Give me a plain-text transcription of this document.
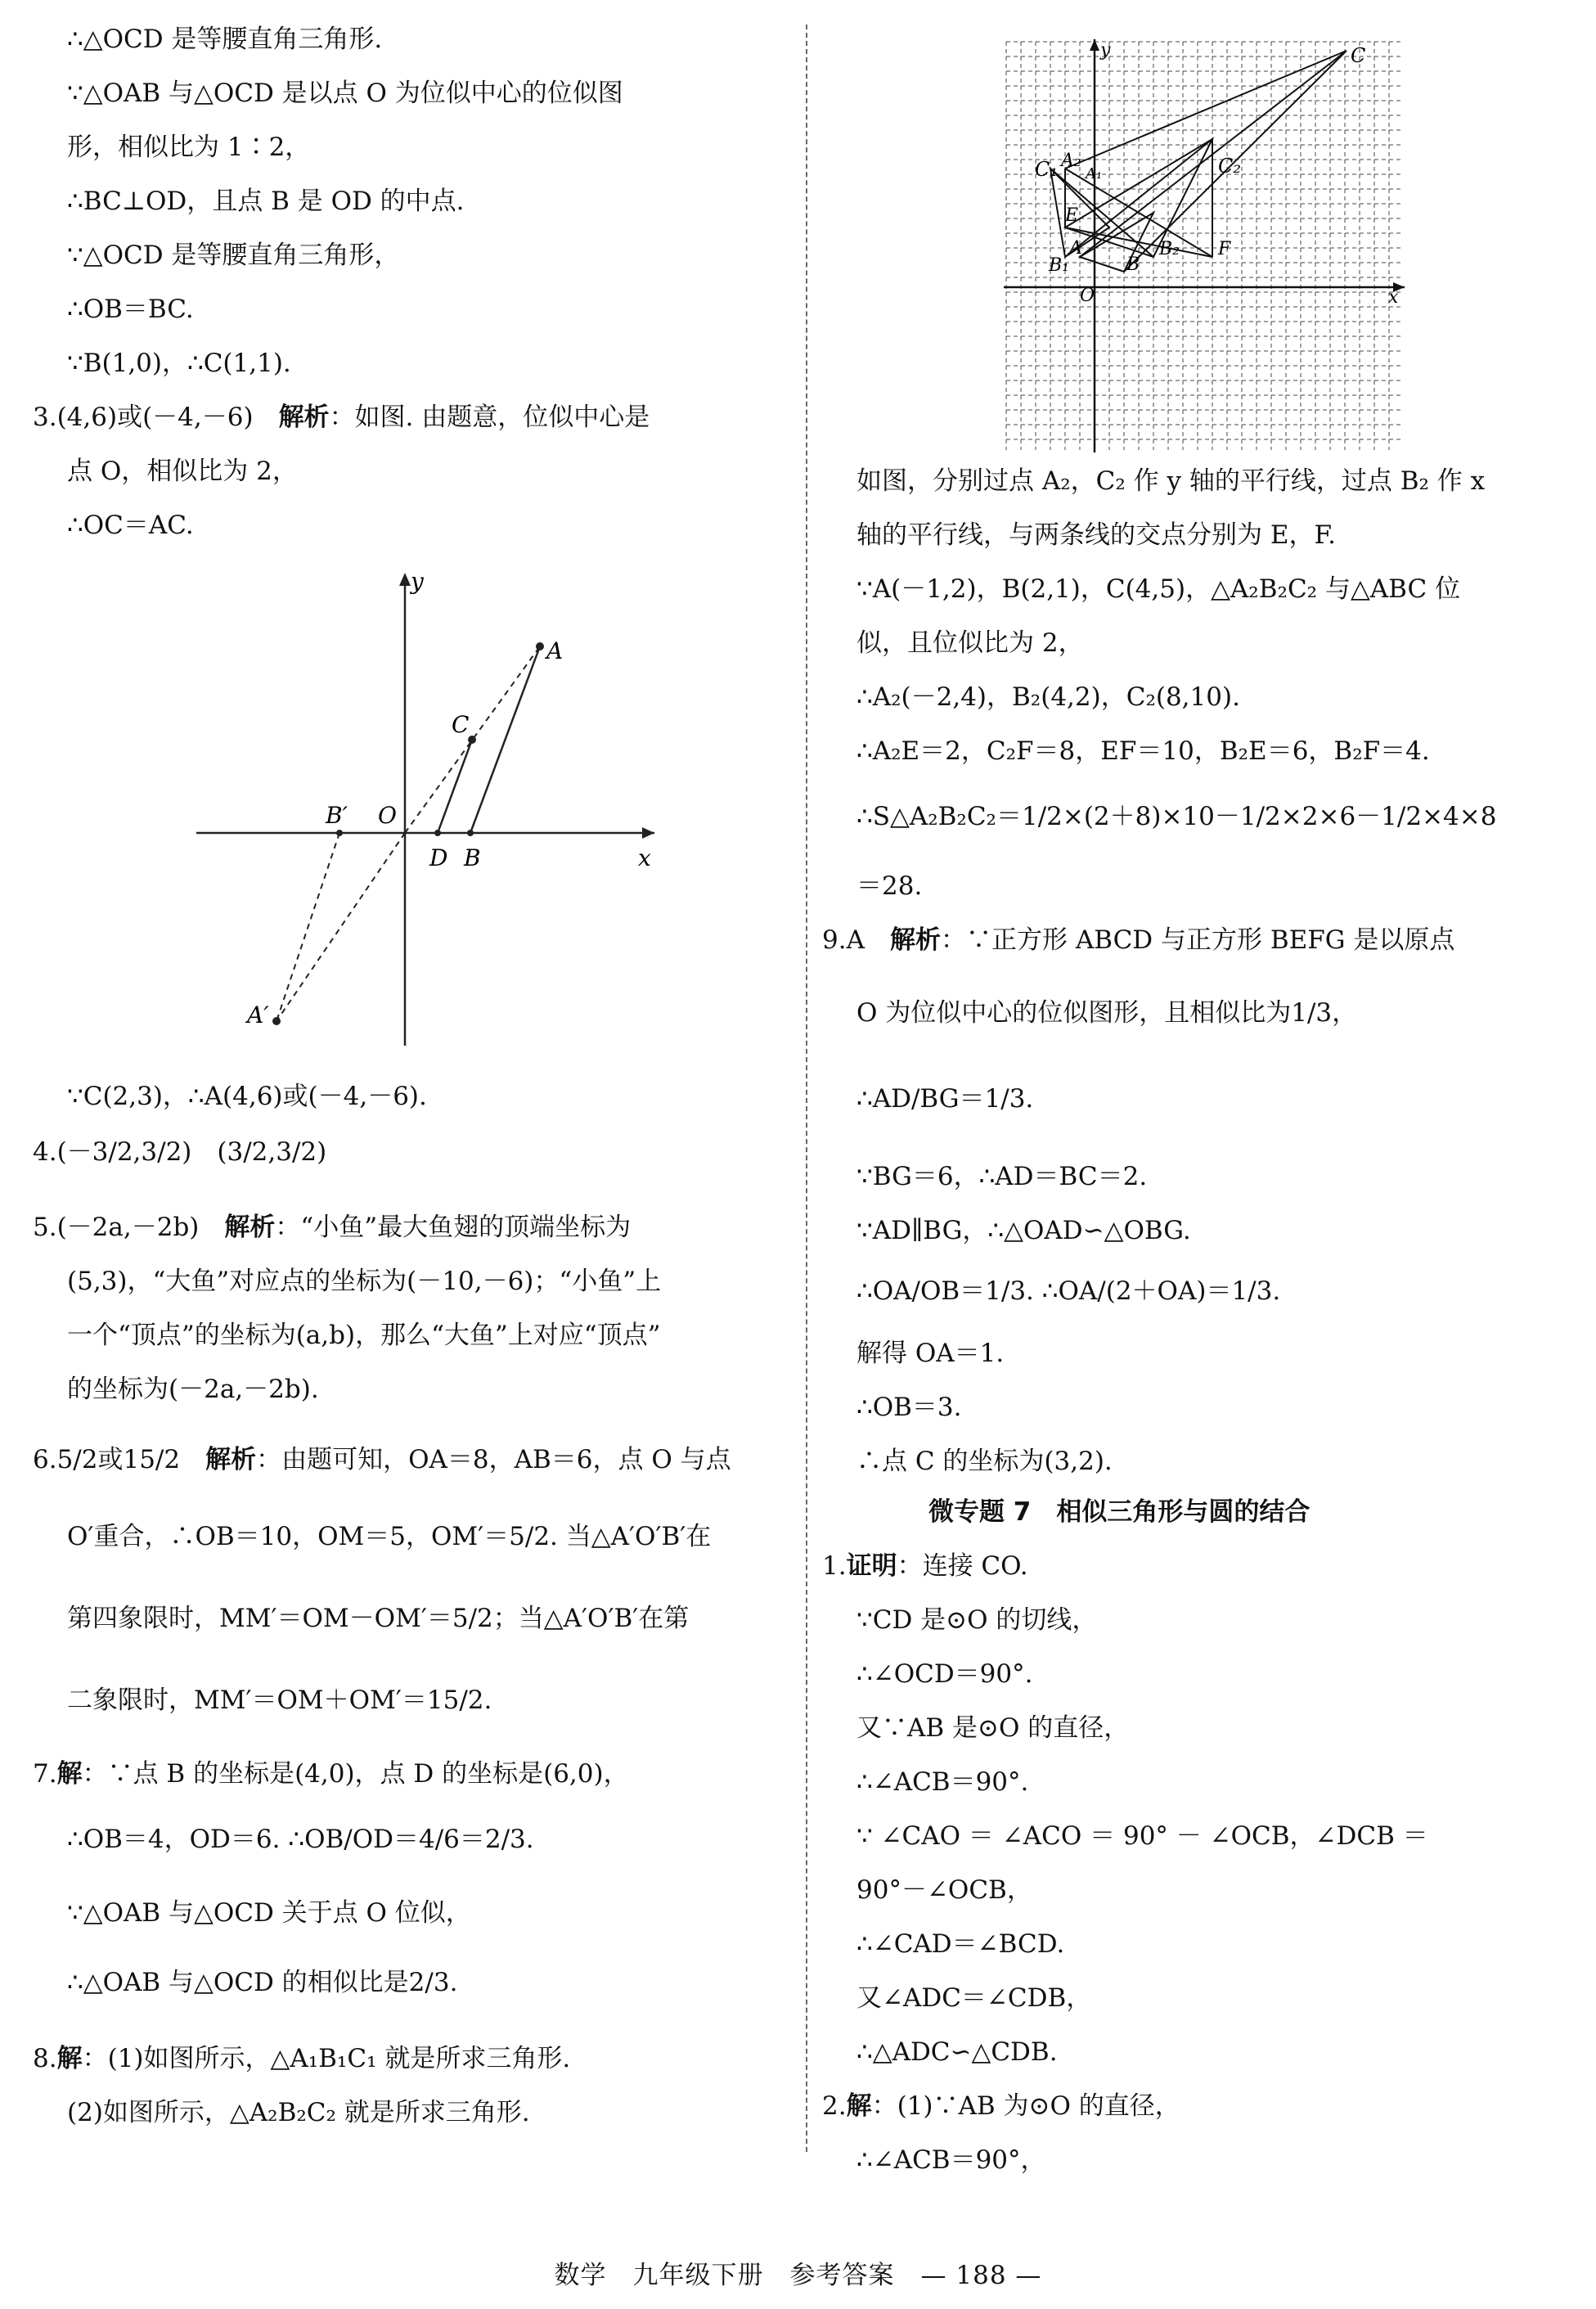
∴△OCD 是等腰直角三角形.
∵△OAB 与△OCD 是以点 O 为位似中心的位似图
形，相似比为 1∶2，
∴BC⊥OD，且点 B 是 OD 的中点.
∵△OCD 是等腰直角三角形，
∴OB＝BC.
∵B(1,0)，∴C(1,1).
3.(4,6)或(－4,－6)　 解析：如图. 由题意，位似中心是
点 O，相似比为 2，
∴OC＝AC.
A
C
B′ O
D B	x
y
A′
∵C(2,3)，∴A(4,6)或(－4,－6).
4.(－3/2,3/2)　(3/2,3/2)
5.(－2a,－2b)　 解析：“小鱼”最大鱼翅的顶端坐标为
(5,3)，“大鱼”对应点的坐标为(－10,－6)；“小鱼”上
一个“顶点”的坐标为(a,b)，那么“大鱼”上对应“顶点”
的坐标为(－2a,－2b).
6.5/2或15/2　 解析：由题可知，OA＝8，AB＝6，点 O 与点
O′重合，∴OB＝10，OM＝5，OM′＝5/2. 当△A′O′B′在
第四象限时，MM′＝OM－OM′＝5/2；当△A′O′B′在第
二象限时，MM′＝OM＋OM′＝15/2.
7.解：∵点 B 的坐标是(4,0)，点 D 的坐标是(6,0)，
∴OB＝4，OD＝6. ∴OB/OD＝4/6＝2/3.
∵△OAB 与△OCD 关于点 O 位似，
∴△OAB 与△OCD 的相似比是2/3.
8.解：(1)如图所示，△A₁B₁C₁ 就是所求三角形.
(2)如图所示，△A₂B₂C₂ 就是所求三角形.
C
C₁ A₂	C₂
E
A
B₁
B₂ F
B
O	x
y
A₁
如图，分别过点 A₂，C₂ 作 y 轴的平行线，过点 B₂ 作 x
轴的平行线，与两条线的交点分别为 E，F.
∵A(－1,2)，B(2,1)，C(4,5)，△A₂B₂C₂ 与△ABC 位
似，且位似比为 2，
∴A₂(－2,4)，B₂(4,2)，C₂(8,10).
∴A₂E＝2，C₂F＝8，EF＝10，B₂E＝6，B₂F＝4.
∴S△A₂B₂C₂＝1/2×(2＋8)×10－1/2×2×6－1/2×4×8
＝28.
9.A　 解析：∵正方形 ABCD 与正方形 BEFG 是以原点
O 为位似中心的位似图形，且相似比为1/3，
∴AD/BG＝1/3.
∵BG＝6，∴AD＝BC＝2.
∵AD∥BG，∴△OAD∽△OBG.
∴OA/OB＝1/3. ∴OA/(2＋OA)＝1/3.
解得 OA＝1.
∴OB＝3.
∴点 C 的坐标为(3,2).
微专题 7　相似三角形与圆的结合
1.证明：连接 CO.
∵CD 是⊙O 的切线，
∴∠OCD＝90°.
又∵AB 是⊙O 的直径，
∴∠ACB＝90°.
∵ ∠CAO ＝ ∠ACO ＝ 90° － ∠OCB，∠DCB ＝
90°－∠OCB，
∴∠CAD＝∠BCD.
又∠ADC＝∠CDB，
∴△ADC∽△CDB.
2.解：(1)∵AB 为⊙O 的直径，
∴∠ACB＝90°，
数学　九年级下册　参考答案　— 188 —
